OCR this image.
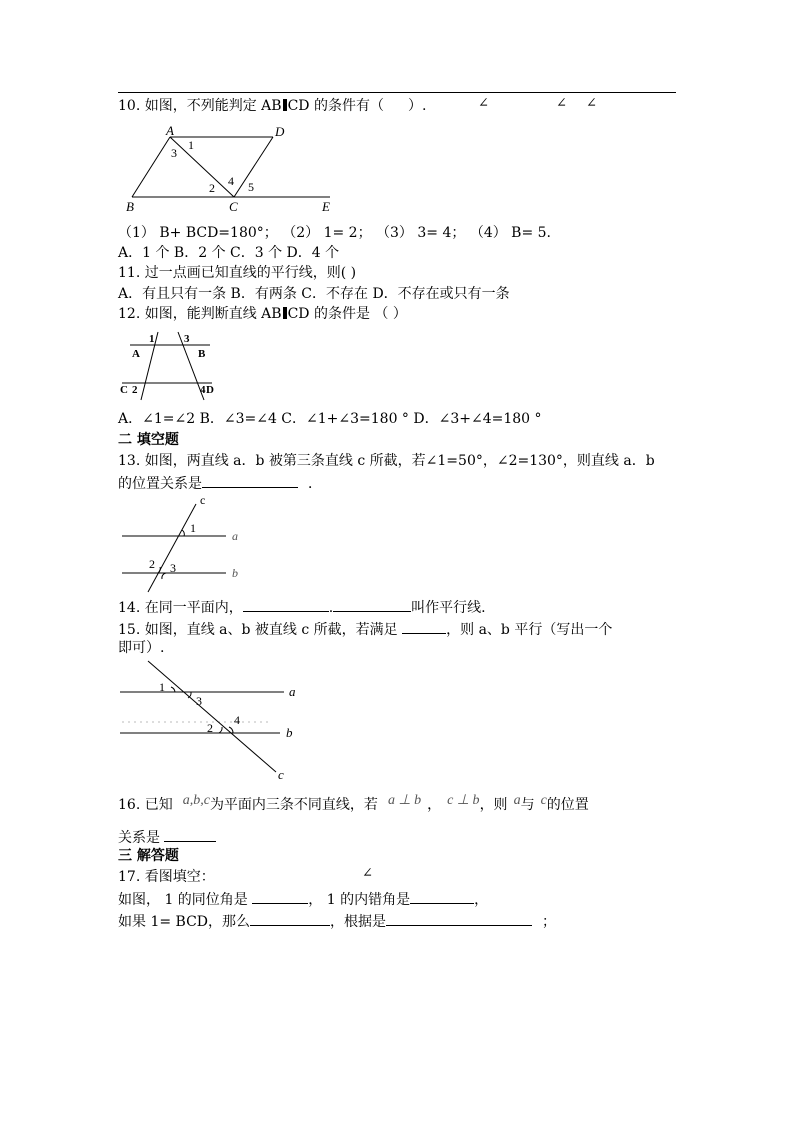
10. 如图，不列能判定 AB CD 的条件有（ ）.	∠	∠ ∠
A	D
B	C	E
1
3
2 4 5
（1） B+ BCD=180°； （2） 1= 2； （3） 3= 4； （4） B= 5.
A．1 个 B．2 个 C．3 个 D．4 个
11. 过一点画已知直线的平行线，则( )
A．有且只有一条 B．有两条 C．不存在 D．不存在或只有一条
12. 如图，能判断直线 AB CD 的条件是 （ ）
1	3
A	B
C 2	4 D
A．∠1=∠2 B．∠3=∠4 C．∠1+∠3=180 ° D．∠3+∠4=180 °
二 填空题
13. 如图，两直线 a．b 被第三条直线 c 所截，若∠1=50°，∠2=130°，则直线 a．b
的位置关系是	．
c
1
a
2 3	b
14. 在同一平面内，	.	叫作平行线.
15. 如图，直线 a、b 被直线 c 所截，若满足	，则 a、b 平行（写出一个
即可）.
1
3
2
4
a
b
c
16. 已知 a,b,c为平面内三条不同直线，若 a ⊥ b ， c ⊥ b，则 a与 c的位置
关系是
三 解答题
17. 看图填空：	∠
如图， 1 的同位角是	， 1 的内错角是	，
如果 1= BCD，那么	，根据是	；
